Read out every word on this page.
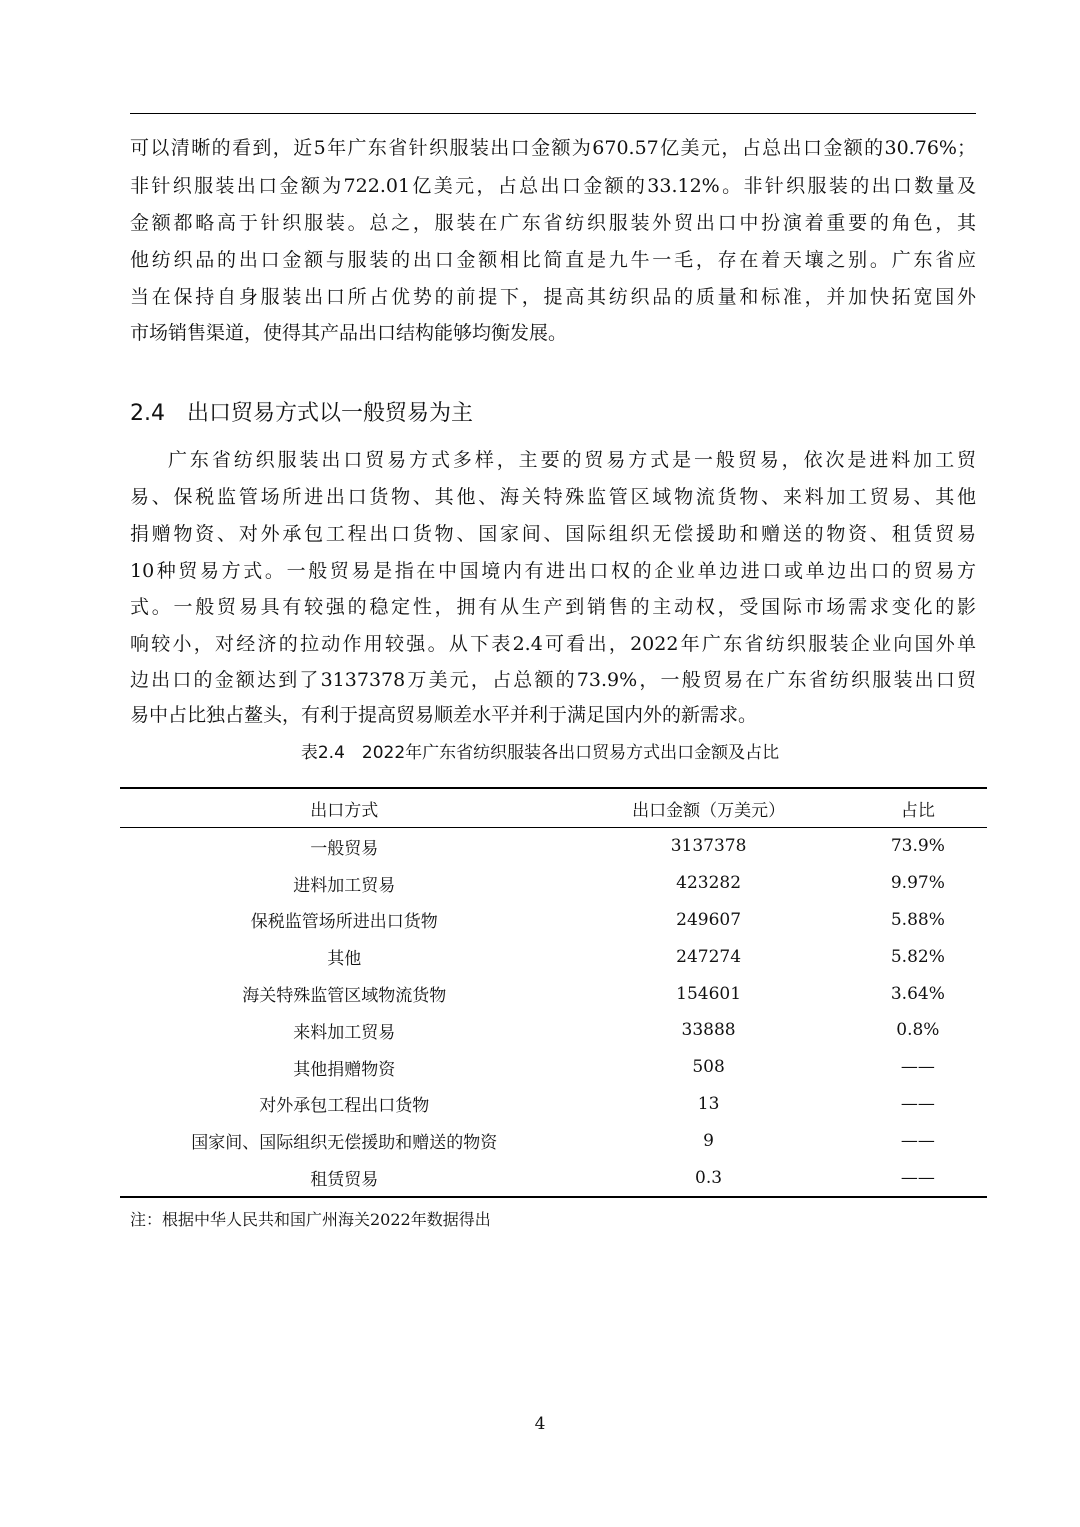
可以清晰的看到，近5年广东省针织服装出口金额为670.57亿美元，占总出口金额的30.76%；
非针织服装出口金额为722.01亿美元，占总出口金额的33.12%。非针织服装的出口数量及
金额都略高于针织服装。总之，服装在广东省纺织服装外贸出口中扮演着重要的角色，其
他纺织品的出口金额与服装的出口金额相比简直是九牛一毛，存在着天壤之别。广东省应
当在保持自身服装出口所占优势的前提下，提高其纺织品的质量和标准，并加快拓宽国外
市场销售渠道，使得其产品出口结构能够均衡发展。
2.4 出口贸易方式以一般贸易为主
广东省纺织服装出口贸易方式多样，主要的贸易方式是一般贸易，依次是进料加工贸
易、保税监管场所进出口货物、其他、海关特殊监管区域物流货物、来料加工贸易、其他
捐赠物资、对外承包工程出口货物、国家间、国际组织无偿援助和赠送的物资、租赁贸易
10种贸易方式。一般贸易是指在中国境内有进出口权的企业单边进口或单边出口的贸易方
式。一般贸易具有较强的稳定性，拥有从生产到销售的主动权，受国际市场需求变化的影
响较小，对经济的拉动作用较强。从下表2.4可看出，2022年广东省纺织服装企业向国外单
边出口的金额达到了3137378万美元，占总额的73.9%，一般贸易在广东省纺织服装出口贸
易中占比独占鳌头，有利于提高贸易顺差水平并利于满足国内外的新需求。
表2.4　2022年广东省纺织服装各出口贸易方式出口金额及占比
出口方式	出口金额（万美元）	占比
一般贸易	3137378	73.9%
进料加工贸易	423282	9.97%
保税监管场所进出口货物	249607	5.88%
其他	247274	5.82%
海关特殊监管区域物流货物	154601	3.64%
来料加工贸易	33888	0.8%
其他捐赠物资	508	——
对外承包工程出口货物	13	——
国家间、国际组织无偿援助和赠送的物资	9	——
租赁贸易	0.3	——
注：根据中华人民共和国广州海关2022年数据得出
4
